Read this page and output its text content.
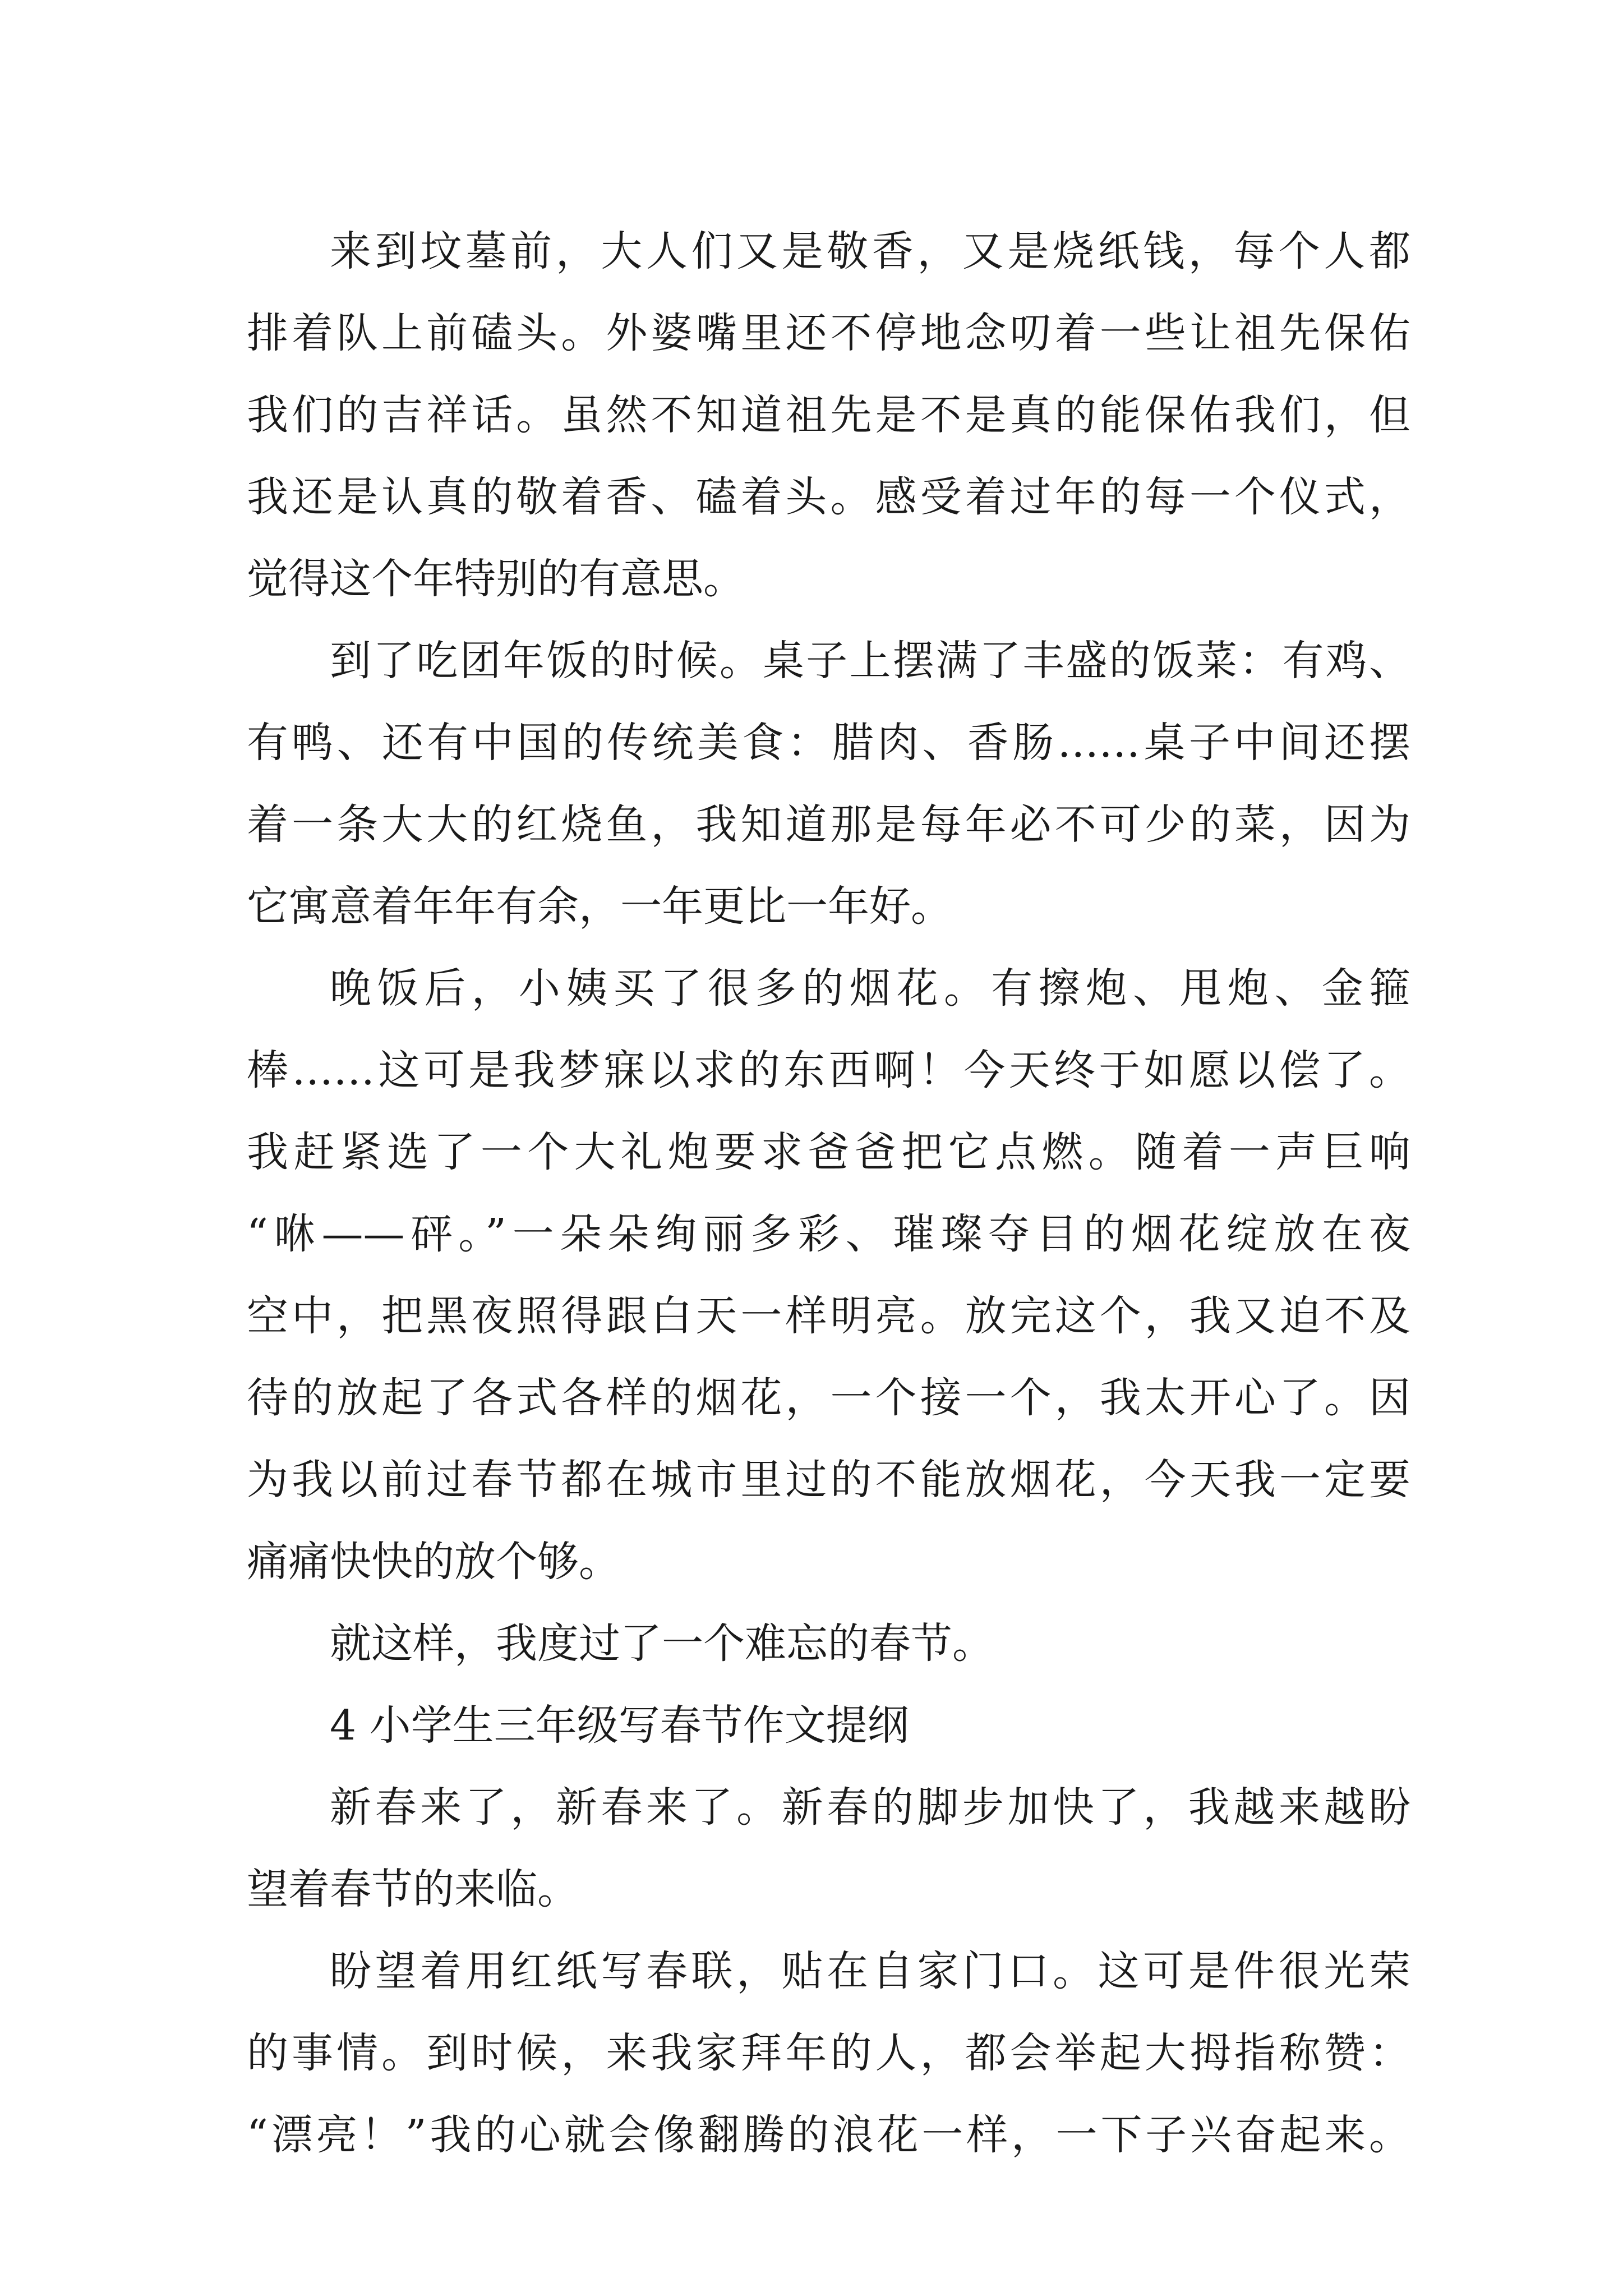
来到坟墓前，大人们又是敬香，又是烧纸钱，每个人都
排着队上前磕头。外婆嘴里还不停地念叨着一些让祖先保佑
我们的吉祥话。虽然不知道祖先是不是真的能保佑我们，但
我还是认真的敬着香、磕着头。感受着过年的每一个仪式，
觉得这个年特别的有意思。
到了吃团年饭的时候。桌子上摆满了丰盛的饭菜：有鸡、
有鸭、还有中国的传统美食：腊肉、香肠……桌子中间还摆
着一条大大的红烧鱼，我知道那是每年必不可少的菜，因为
它寓意着年年有余，一年更比一年好。
晚饭后，小姨买了很多的烟花。有擦炮、甩炮、金箍
棒……这可是我梦寐以求的东西啊！今天终于如愿以偿了。
我赶紧选了一个大礼炮要求爸爸把它点燃。随着一声巨响
“咻——砰。”一朵朵绚丽多彩、璀璨夺目的烟花绽放在夜
空中，把黑夜照得跟白天一样明亮。放完这个，我又迫不及
待的放起了各式各样的烟花，一个接一个，我太开心了。因
为我以前过春节都在城市里过的不能放烟花，今天我一定要
痛痛快快的放个够。
就这样，我度过了一个难忘的春节。
4 小学生三年级写春节作文提纲
新春来了，新春来了。新春的脚步加快了，我越来越盼
望着春节的来临。
盼望着用红纸写春联，贴在自家门口。这可是件很光荣
的事情。到时候，来我家拜年的人，都会举起大拇指称赞：
“漂亮！”我的心就会像翻腾的浪花一样，一下子兴奋起来。
